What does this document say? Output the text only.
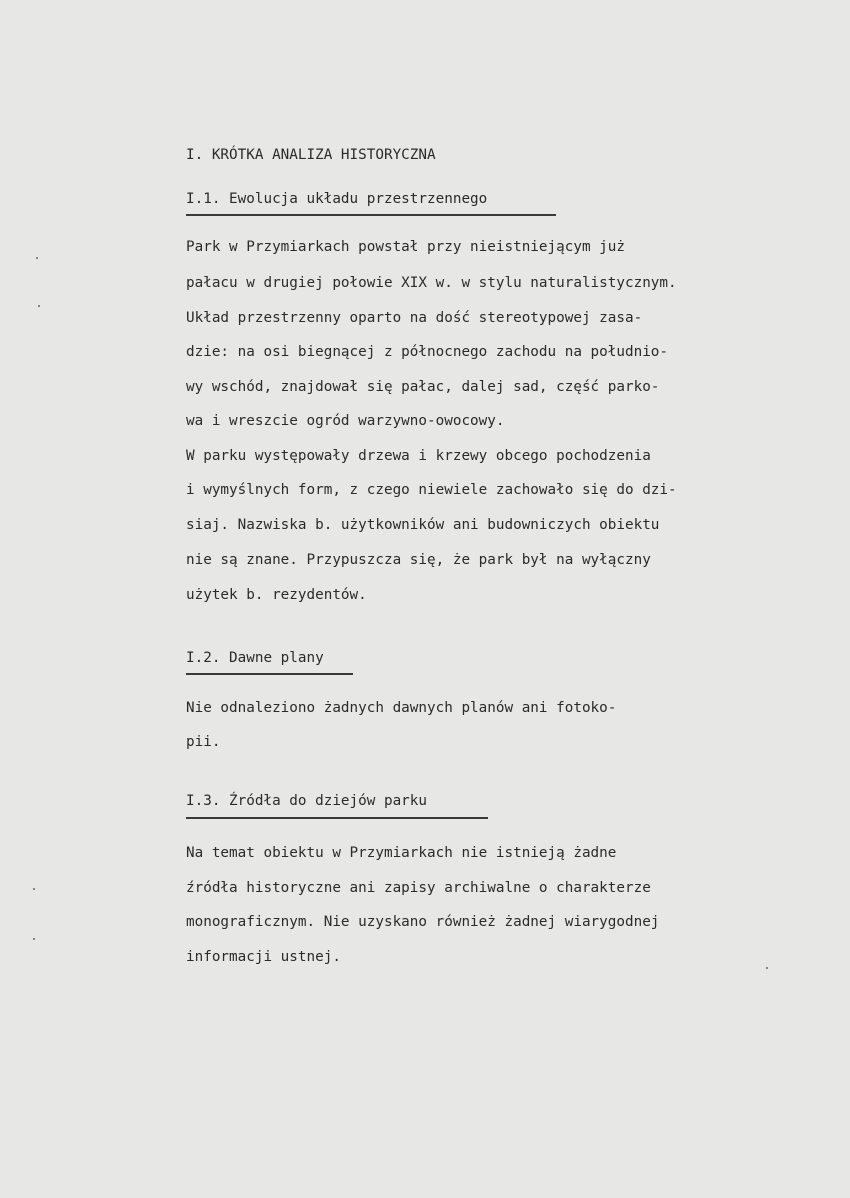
I. KRÓTKA ANALIZA HISTORYCZNA
I.1. Ewolucja układu przestrzennego
Park w Przymiarkach powstał przy nieistniejącym już
pałacu w drugiej połowie XIX w. w stylu naturalistycznym.
Układ przestrzenny oparto na dość stereotypowej zasa-
dzie: na osi biegnącej z północnego zachodu na południo-
wy wschód, znajdował się pałac, dalej sad, część parko-
wa i wreszcie ogród warzywno-owocowy.
W parku występowały drzewa i krzewy obcego pochodzenia
i wymyślnych form, z czego niewiele zachowało się do dzi-
siaj. Nazwiska b. użytkowników ani budowniczych obiektu
nie są znane. Przypuszcza się, że park był na wyłączny
użytek b. rezydentów.
I.2. Dawne plany
Nie odnaleziono żadnych dawnych planów ani fotoko-
pii.
I.3. Źródła do dziejów parku
Na temat obiektu w Przymiarkach nie istnieją żadne
źródła historyczne ani zapisy archiwalne o charakterze
monograficznym. Nie uzyskano również żadnej wiarygodnej
informacji ustnej.
